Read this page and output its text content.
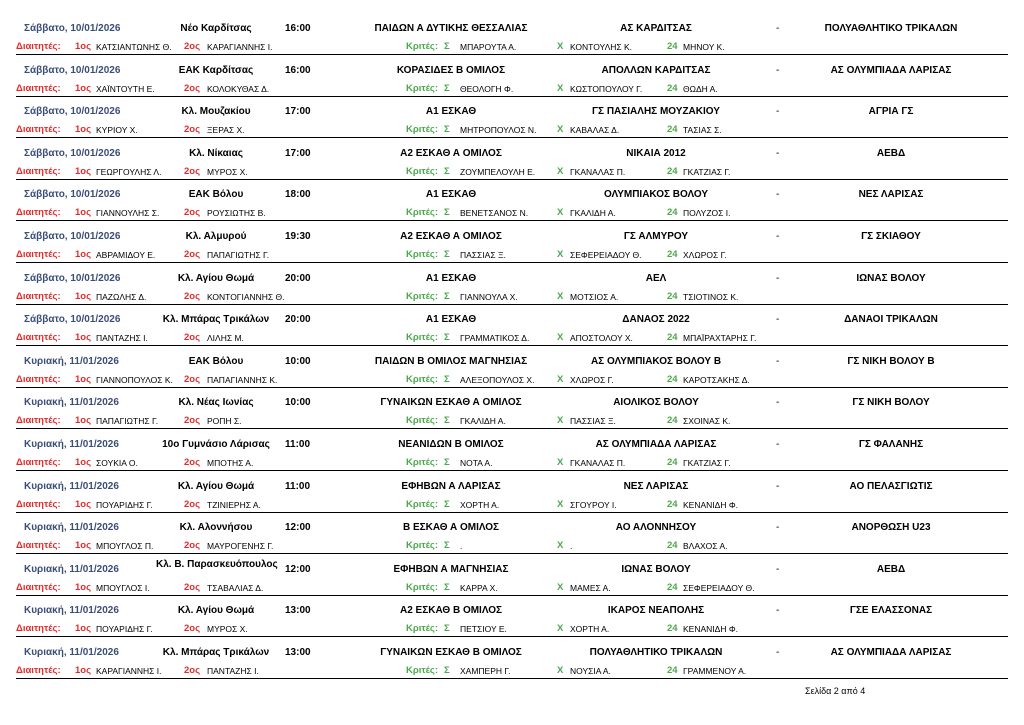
Σάββατο, 10/01/2026	Νέο Καρδίτσας	16:00	ΠΑΙΔΩΝ Α ΔΥΤΙΚΗΣ ΘΕΣΣΑΛΙΑΣ	ΑΣ ΚΑΡΔΙΤΣΑΣ	-	ΠΟΛΥΑΘΛΗΤΙΚΟ ΤΡΙΚΑΛΩΝ
Διαιτητές: 1ος ΚΑΤΣΙΑΝΤΩΝΗΣ Θ. 2ος ΚΑΡΑΓΙΑΝΝΗΣ Ι.	Κριτές: Σ ΜΠΑΡΟΥΤΑ Α.	Χ ΚΟΝΤΟΥΛΗΣ Κ.	24 ΜΗΝΟΥ Κ.
Σάββατο, 10/01/2026	ΕΑΚ Καρδίτσας	16:00	ΚΟΡΑΣΙΔΕΣ Β ΟΜΙΛΟΣ	ΑΠΟΛΛΩΝ ΚΑΡΔΙΤΣΑΣ	-	ΑΣ ΟΛΥΜΠΙΑΔΑ ΛΑΡΙΣΑΣ
Διαιτητές: 1ος ΧΑΪΝΤΟΥΤΗ Ε.	2ος ΚΟΛΟΚΥΘΑΣ Δ.	Κριτές: Σ ΘΕΟΛΟΓΗ Φ.	Χ ΚΩΣΤΟΠΟΥΛΟΥ Γ.	24 ΘΩΔΗ Α.
Σάββατο, 10/01/2026	Κλ. Μουζακίου	17:00	Α1 ΕΣΚΑΘ	ΓΣ ΠΑΣΙΑΛΗΣ ΜΟΥΖΑΚΙΟΥ	-	ΑΓΡΙΑ ΓΣ
Διαιτητές: 1ος ΚΥΡΙΟΥ Χ.	2ος ΞΕΡΑΣ Χ.	Κριτές: Σ ΜΗΤΡΟΠΟΥΛΟΣ Ν. Χ ΚΑΒΑΛΑΣ Δ.	24 ΤΑΣΙΑΣ Σ.
Σάββατο, 10/01/2026	Κλ. Νίκαιας	17:00	Α2 ΕΣΚΑΘ Α ΟΜΙΛΟΣ	ΝΙΚΑΙΑ 2012	-	ΑΕΒΔ
Διαιτητές: 1ος ΓΕΩΡΓΟΥΛΗΣ Λ. 2ος ΜΥΡΟΣ Χ.	Κριτές: Σ ΖΟΥΜΠΕΛΟΥΛΗ Ε. Χ ΓΚΑΝΑΛΑΣ Π.	24 ΓΚΑΤΖΙΑΣ Γ.
Σάββατο, 10/01/2026	ΕΑΚ Βόλου	18:00	Α1 ΕΣΚΑΘ	ΟΛΥΜΠΙΑΚΟΣ ΒΟΛΟΥ	-	ΝΕΣ ΛΑΡΙΣΑΣ
Διαιτητές: 1ος ΓΙΑΝΝΟΥΛΗΣ Σ.	2ος ΡΟΥΣΙΩΤΗΣ Β.	Κριτές: Σ ΒΕΝΕΤΣΑΝΟΣ Ν.	Χ ΓΚΑΛΙΔΗ Α.	24 ΠΟΛΥΖΟΣ Ι.
Σάββατο, 10/01/2026	Κλ. Αλμυρού	19:30	Α2 ΕΣΚΑΘ Α ΟΜΙΛΟΣ	ΓΣ ΑΛΜΥΡΟΥ	-	ΓΣ ΣΚΙΑΘΟΥ
Διαιτητές: 1ος ΑΒΡΑΜΙΔΟΥ Ε.	2ος ΠΑΠΑΓΙΩΤΗΣ Γ.	Κριτές: Σ ΠΑΣΣΙΑΣ Ξ.	Χ ΣΕΦΕΡΕΙΑΔΟΥ Θ.	24 ΧΛΩΡΟΣ Γ.
Σάββατο, 10/01/2026	Κλ. Αγίου Θωμά	20:00	Α1 ΕΣΚΑΘ	ΑΕΛ	-	ΙΩΝΑΣ ΒΟΛΟΥ
Διαιτητές: 1ος ΠΑΖΩΛΗΣ Δ.	2ος ΚΟΝΤΟΓΙΑΝΝΗΣ Θ.	Κριτές: Σ ΓΙΑΝΝΟΥΛΑ Χ.	Χ ΜΟΤΣΙΟΣ Α.	24 ΤΣΙΟΤΙΝΟΣ Κ.
Σάββατο, 10/01/2026	Κλ. Μπάρας Τρικάλων	20:00	Α1 ΕΣΚΑΘ	ΔΑΝΑΟΣ 2022	-	ΔΑΝΑΟΙ ΤΡΙΚΑΛΩΝ
Διαιτητές: 1ος ΠΑΝΤΑΖΗΣ Ι.	2ος ΛΙΛΗΣ Μ.	Κριτές: Σ ΓΡΑΜΜΑΤΙΚΟΣ Δ.	Χ ΑΠΟΣΤΟΛΟΥ Χ.	24 ΜΠΑΪΡΑΧΤΑΡΗΣ Γ.
Κυριακή, 11/01/2026	ΕΑΚ Βόλου	10:00	ΠΑΙΔΩΝ Β ΟΜΙΛΟΣ ΜΑΓΝΗΣΙΑΣ	ΑΣ ΟΛΥΜΠΙΑΚΟΣ ΒΟΛΟΥ Β	-	ΓΣ ΝΙΚΗ ΒΟΛΟΥ Β
Διαιτητές: 1ος ΓΙΑΝΝΟΠΟΥΛΟΣ Κ. 2ος ΠΑΠΑΓΙΑΝΝΗΣ Κ.	Κριτές: Σ ΑΛΕΞΟΠΟΥΛΟΣ Χ. Χ ΧΛΩΡΟΣ Γ.	24 ΚΑΡΟΤΣΑΚΗΣ Δ.
Κυριακή, 11/01/2026	Κλ. Νέας Ιωνίας	10:00	ΓΥΝΑΙΚΩΝ ΕΣΚΑΘ Α ΟΜΙΛΟΣ	ΑΙΟΛΙΚΟΣ ΒΟΛΟΥ	-	ΓΣ ΝΙΚΗ ΒΟΛΟΥ
Διαιτητές: 1ος ΠΑΠΑΓΙΩΤΗΣ Γ.	2ος ΡΟΠΗ Σ.	Κριτές: Σ ΓΚΑΛΙΔΗ Α.	Χ ΠΑΣΣΙΑΣ Ξ.	24 ΣΧΟΙΝΑΣ Κ.
Κυριακή, 11/01/2026	10ο Γυμνάσιο Λάρισας	11:00	ΝΕΑΝΙΔΩΝ Β ΟΜΙΛΟΣ	ΑΣ ΟΛΥΜΠΙΑΔΑ ΛΑΡΙΣΑΣ	-	ΓΣ ΦΑΛΑΝΗΣ
Διαιτητές: 1ος ΣΟΥΚΙΑ Ο.	2ος ΜΠΟΤΗΣ Α.	Κριτές: Σ ΝΟΤΑ Α.	Χ ΓΚΑΝΑΛΑΣ Π.	24 ΓΚΑΤΖΙΑΣ Γ.
Κυριακή, 11/01/2026	Κλ. Αγίου Θωμά	11:00	ΕΦΗΒΩΝ Α ΛΑΡΙΣΑΣ	ΝΕΣ ΛΑΡΙΣΑΣ	-	ΑΟ ΠΕΛΑΣΓΙΩΤΙΣ
Διαιτητές: 1ος ΠΟΥΑΡΙΔΗΣ Γ.	2ος ΤΖΙΝΙΕΡΗΣ Α.	Κριτές: Σ ΧΟΡΤΗ Α.	Χ ΣΓΟΥΡΟΥ Ι.	24 ΚΕΝΑΝΙΔΗ Φ.
Κυριακή, 11/01/2026	Κλ. Αλοννήσου	12:00	Β ΕΣΚΑΘ Α ΟΜΙΛΟΣ	ΑΟ ΑΛΟΝΝΗΣΟΥ	-	ΑΝΟΡΘΩΣΗ U23
Διαιτητές: 1ος ΜΠΟΥΓΛΟΣ Π.	2ος ΜΑΥΡΟΓΕΝΗΣ Γ.	Κριτές: Σ .	Χ .	24 ΒΛΑΧΟΣ Α.
Κυριακή, 11/01/2026	Κλ. Β. Παρασκευόπουλος 12:00	ΕΦΗΒΩΝ Α ΜΑΓΝΗΣΙΑΣ	ΙΩΝΑΣ ΒΟΛΟΥ	-	ΑΕΒΔ
Διαιτητές: 1ος ΜΠΟΥΓΛΟΣ Ι.	2ος ΤΣΑΒΑΛΙΑΣ Δ.	Κριτές: Σ ΚΑΡΡΑ Χ.	Χ ΜΑΜΕΣ Α.	24 ΣΕΦΕΡΕΙΑΔΟΥ Θ.
Κυριακή, 11/01/2026	Κλ. Αγίου Θωμά	13:00	Α2 ΕΣΚΑΘ Β ΟΜΙΛΟΣ	ΙΚΑΡΟΣ ΝΕΑΠΟΛΗΣ	-	ΓΣΕ ΕΛΑΣΣΟΝΑΣ
Διαιτητές: 1ος ΠΟΥΑΡΙΔΗΣ Γ.	2ος ΜΥΡΟΣ Χ.	Κριτές: Σ ΠΕΤΣΙΟΥ Ε.	Χ ΧΟΡΤΗ Α.	24 ΚΕΝΑΝΙΔΗ Φ.
Κυριακή, 11/01/2026	Κλ. Μπάρας Τρικάλων	13:00	ΓΥΝΑΙΚΩΝ ΕΣΚΑΘ Β ΟΜΙΛΟΣ	ΠΟΛΥΑΘΛΗΤΙΚΟ ΤΡΙΚΑΛΩΝ	-	ΑΣ ΟΛΥΜΠΙΑΔΑ ΛΑΡΙΣΑΣ
Διαιτητές: 1ος ΚΑΡΑΓΙΑΝΝΗΣ Ι. 2ος ΠΑΝΤΑΖΗΣ Ι.	Κριτές: Σ ΧΑΜΠΕΡΗ Γ.	Χ ΝΟΥΣΙΑ Α.	24 ΓΡΑΜΜΕΝΟΥ Α.
Σελίδα 2 από 4
